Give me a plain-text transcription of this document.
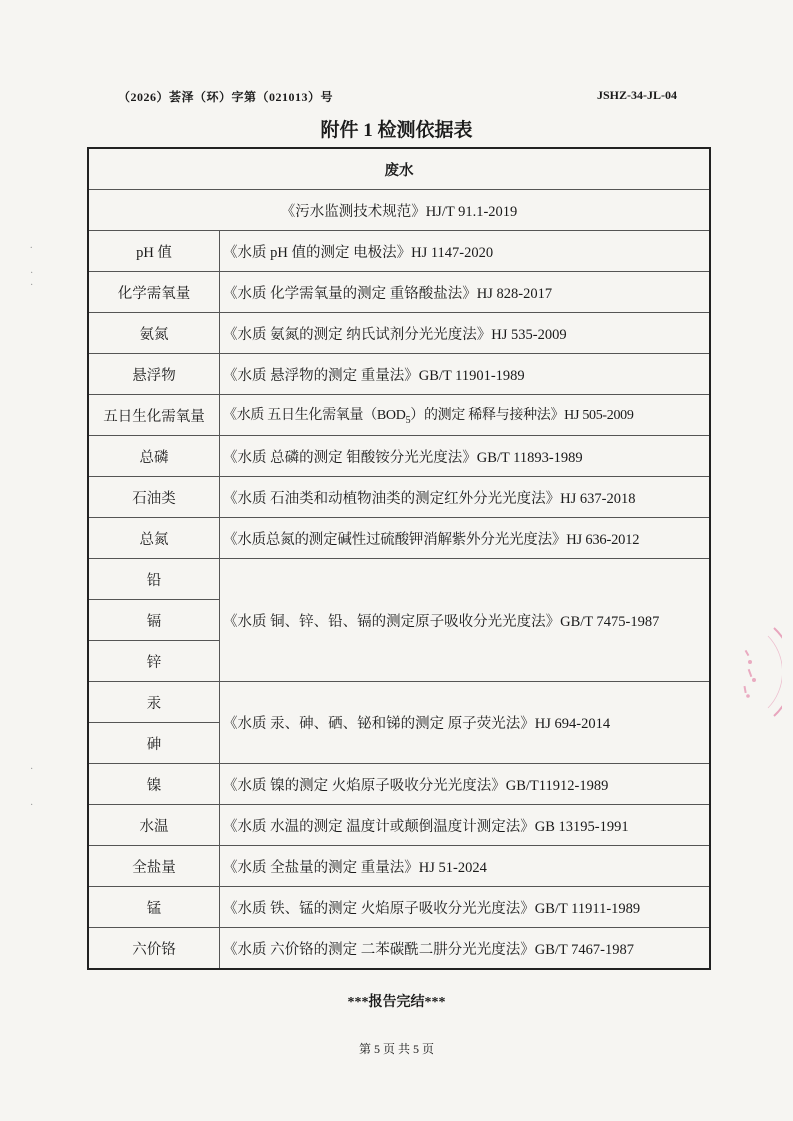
（2026）荟泽（环）字第（021013）号	JSHZ-34-JL-04
附件 1 检测依据表
废水	
《污水监测技术规范》HJ/T 91.1-2019	
pH 值	《水质 pH 值的测定 电极法》HJ 1147-2020
化学需氧量	《水质 化学需氧量的测定 重铬酸盐法》HJ 828-2017
氨氮	《水质 氨氮的测定 纳氏试剂分光光度法》HJ 535-2009
悬浮物	《水质 悬浮物的测定 重量法》GB/T 11901-1989
五日生化需氧量	《水质 五日生化需氧量$(BOD_5)$的测定 稀释与接种法》HJ 505-2009
总磷	《水质 总磷的测定 钼酸铵分光光度法》GB/T 11893-1989
石油类	《水质 石油类和动植物油类的测定红外分光光度法》HJ 637-2018
总氮	《水质总氮的测定碱性过硫酸钾消解紫外分光光度法》HJ 636-2012
铅	《水质 铜、锌、铅、镉的测定原子吸收分光光度法》GB/T 7475-1987
镉	
锌	
汞	《水质 汞、砷、硒、铋和锑的测定 原子荧光法》HJ 694-2014
砷	
镍	《水质 镍的测定 火焰原子吸收分光光度法》GB/T11912-1989
水温	《水质 水温的测定 温度计或颠倒温度计测定法》GB 13195-1991
全盐量	《水质 全盐量的测定 重量法》HJ 51-2024
锰	《水质 铁、锰的测定 火焰原子吸收分光光度法》GB/T 11911-1989
六价铬	《水质 六价铬的测定 二苯碳酰二肼分光光度法》GB/T 7467-1987
***报告完结***
第 5 页 共 5 页
.
·
·
·
·
